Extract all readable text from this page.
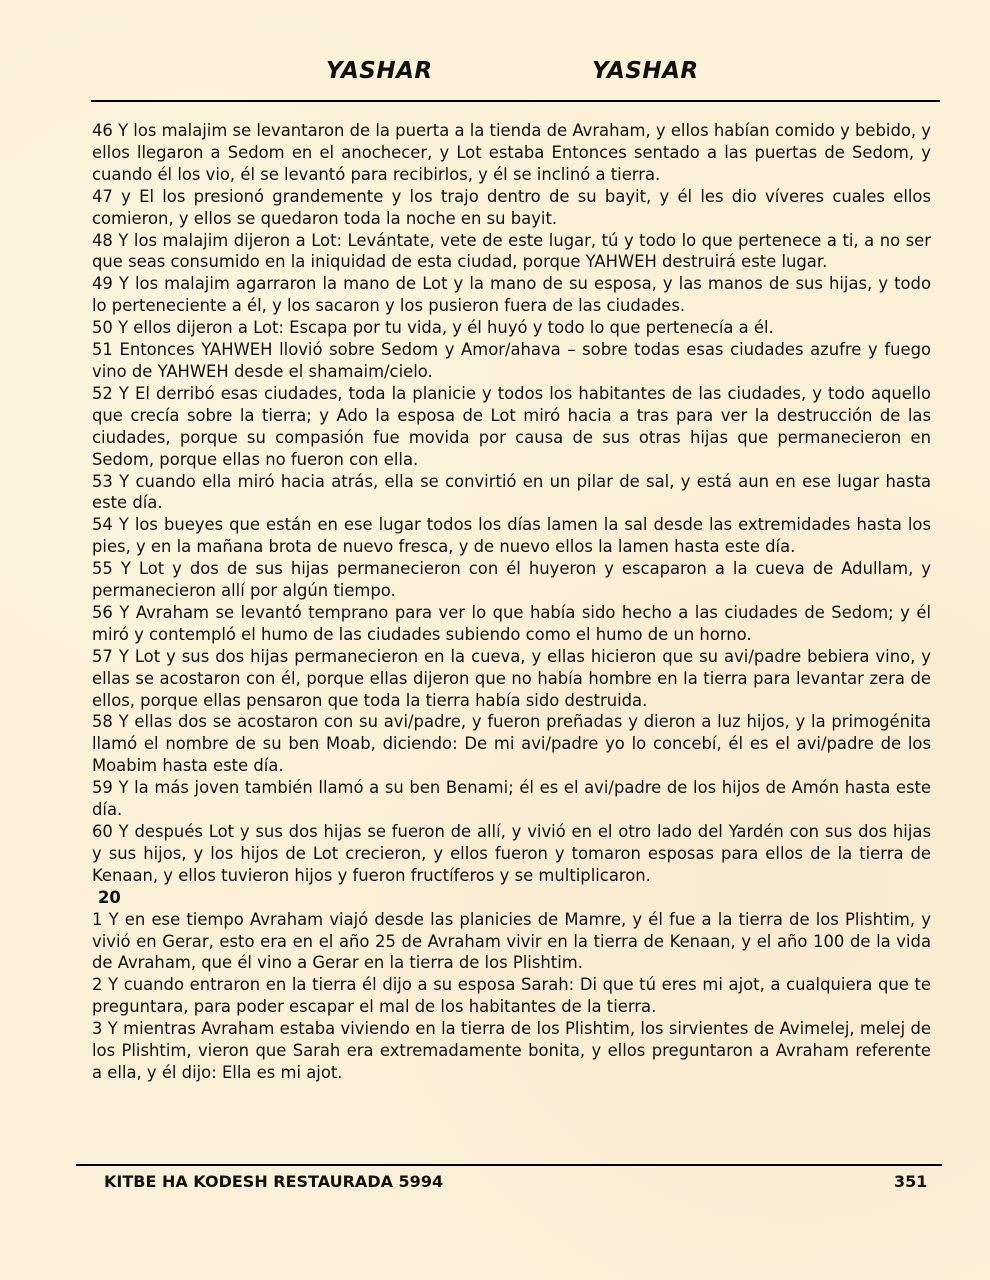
YASHAR	YASHAR

46 Y los malajim se levantaron de la puerta a la tienda de Avraham, y ellos habían comido y bebido, y ellos llegaron a Sedom en el anochecer, y Lot estaba Entonces sentado a las puertas de Sedom, y cuando él los vio, él se levantó para recibirlos, y él se inclinó a tierra.

47 y El los presionó grandemente y los trajo dentro de su bayit, y él les dio víveres cuales ellos comieron, y ellos se quedaron toda la noche en su bayit.

48 Y los malajim dijeron a Lot: Levántate, vete de este lugar, tú y todo lo que pertenece a ti, a no ser que seas consumido en la iniquidad de esta ciudad, porque YAHWEH destruirá este lugar.

49 Y los malajim agarraron la mano de Lot y la mano de su esposa, y las manos de sus hijas, y todo lo perteneciente a él, y los sacaron y los pusieron fuera de las ciudades.

50 Y ellos dijeron a Lot: Escapa por tu vida, y él huyó y todo lo que pertenecía a él.

51 Entonces YAHWEH llovió sobre Sedom y Amor/ahava – sobre todas esas ciudades azufre y fuego vino de YAHWEH desde el shamaim/cielo.

52 Y El derribó esas ciudades, toda la planicie y todos los habitantes de las ciudades, y todo aquello que crecía sobre la tierra; y Ado la esposa de Lot miró hacia a tras para ver la destrucción de las ciudades, porque su compasión fue movida por causa de sus otras hijas que permanecieron en Sedom, porque ellas no fueron con ella.

53 Y cuando ella miró hacia atrás, ella se convirtió en un pilar de sal, y está aun en ese lugar hasta este día.

54 Y los bueyes que están en ese lugar todos los días lamen la sal desde las extremidades hasta los pies, y en la mañana brota de nuevo fresca, y de nuevo ellos la lamen hasta este día.

55 Y Lot y dos de sus hijas permanecieron con él huyeron y escaparon a la cueva de Adullam, y permanecieron allí por algún tiempo.

56 Y Avraham se levantó temprano para ver lo que había sido hecho a las ciudades de Sedom; y él miró y contempló el humo de las ciudades subiendo como el humo de un horno.

57 Y Lot y sus dos hijas permanecieron en la cueva, y ellas hicieron que su avi/padre bebiera vino, y ellas se acostaron con él, porque ellas dijeron que no había hombre en la tierra para levantar zera de ellos, porque ellas pensaron que toda la tierra había sido destruida.

58 Y ellas dos se acostaron con su avi/padre, y fueron preñadas y dieron a luz hijos, y la primogénita llamó el nombre de su ben Moab, diciendo: De mi avi/padre yo lo concebí, él es el avi/padre de los Moabim hasta este día.

59 Y la más joven también llamó a su ben Benami; él es el avi/padre de los hijos de Amón hasta este día.

60 Y después Lot y sus dos hijas se fueron de allí, y vivió en el otro lado del Yardén con sus dos hijas y sus hijos, y los hijos de Lot crecieron, y ellos fueron y tomaron esposas para ellos de la tierra de Kenaan, y ellos tuvieron hijos y fueron fructíferos y se multiplicaron.

20

1 Y en ese tiempo Avraham viajó desde las planicies de Mamre, y él fue a la tierra de los Plishtim, y vivió en Gerar, esto era en el año 25 de Avraham vivir en la tierra de Kenaan, y el año 100 de la vida de Avraham, que él vino a Gerar en la tierra de los Plishtim.

2 Y cuando entraron en la tierra él dijo a su esposa Sarah: Di que tú eres mi ajot, a cualquiera que te preguntara, para poder escapar el mal de los habitantes de la tierra.

3 Y mientras Avraham estaba viviendo en la tierra de los Plishtim, los sirvientes de Avimelej, melej de los Plishtim, vieron que Sarah era extremadamente bonita, y ellos preguntaron a Avraham referente a ella, y él dijo: Ella es mi ajot.

KITBE HA KODESH RESTAURADA 5994	351
